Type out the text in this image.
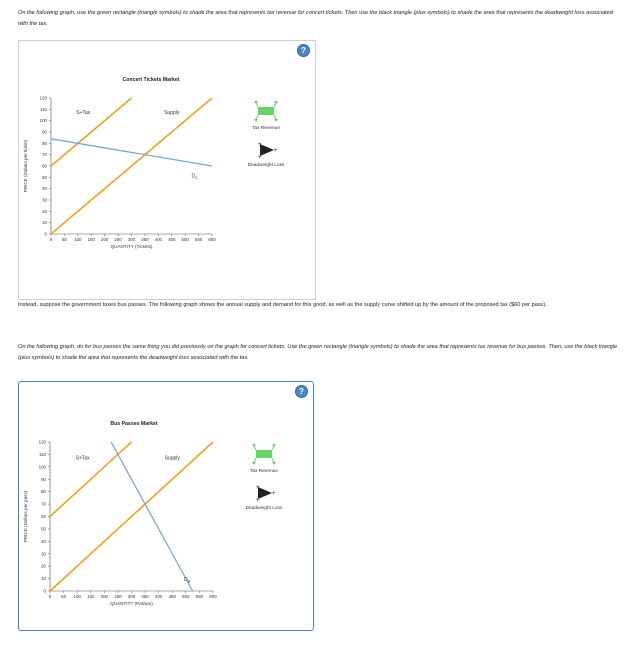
On the following graph, use the green rectangle (triangle symbols) to shade the area that represents tax revenue for concert tickets. Then use the black triangle (plus symbols) to shade the area that represents the deadweight loss associated with the tax.
?
Concert Tickets Market
0
10
20
30
40
50
60
70
80
90
100
110
120
0 50 100 150 200 250 300 350 400 450 500 550 600
QUANTITY (Tickets)
PRICE (Dollars per ticket)
Supply
S+Tax
$D_C$
Tax Revenue
+
+
+
Deadweight Loss
Instead, suppose the government taxes bus passes. The following graph shows the annual supply and demand for this good, as well as the supply curve shifted up by the amount of the proposed tax ($60 per pass).
On the following graph, do for bus passes the same thing you did previously on the graph for concert tickets. Use the green rectangle (triangle symbols) to shade the area that represents tax revenue for bus passes. Then, use the black triangle (plus symbols) to shade the area that represents the deadweight loss associated with the tax.
?
Bus Passes Market
0
10
20
30
40
50
60
70
80
90
100
110
120
0 50 100 150 200 250 300 350 400 450 500 550 600
QUANTITY (Passes)
PRICE (Dollars per pass)
Supply
S+Tax
$D_B$
Tax Revenue
+
+
+
Deadweight Loss
